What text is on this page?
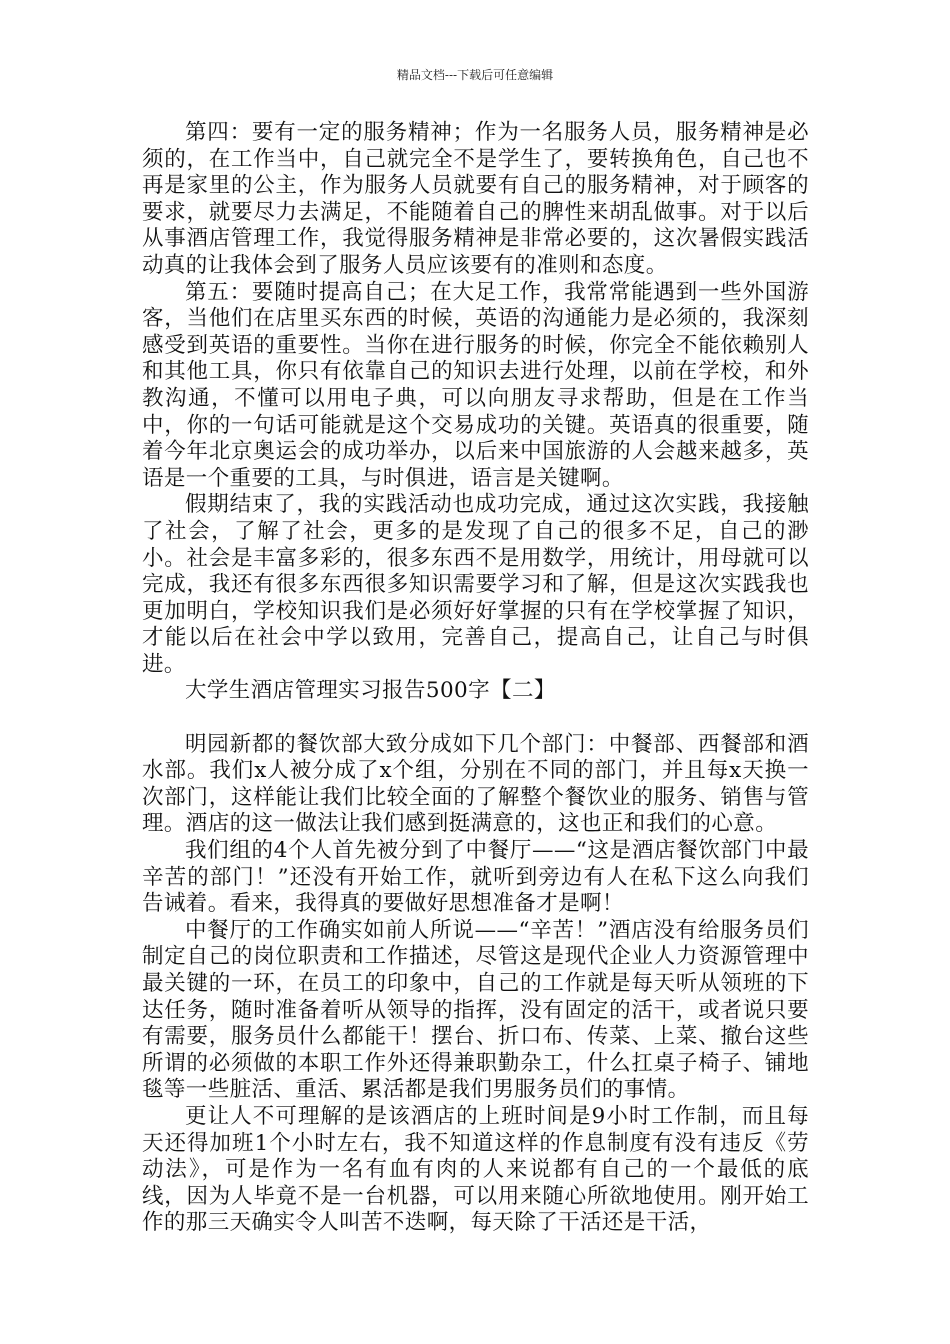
精品文档---下载后可任意编辑

第四：要有一定的服务精神；作为一名服务人员，服务精神是必须的，在工作当中，自己就完全不是学生了，要转换角色，自己也不再是家里的公主，作为服务人员就要有自己的服务精神，对于顾客的要求，就要尽力去满足，不能随着自己的脾性来胡乱做事。对于以后从事酒店管理工作，我觉得服务精神是非常必要的，这次暑假实践活动真的让我体会到了服务人员应该要有的准则和态度。

第五：要随时提高自己；在大足工作，我常常能遇到一些外国游客，当他们在店里买东西的时候，英语的沟通能力是必须的，我深刻感受到英语的重要性。当你在进行服务的时候，你完全不能依赖别人和其他工具，你只有依靠自己的知识去进行处理，以前在学校，和外教沟通，不懂可以用电子典，可以向朋友寻求帮助，但是在工作当中，你的一句话可能就是这个交易成功的关键。英语真的很重要，随着今年北京奥运会的成功举办，以后来中国旅游的人会越来越多，英语是一个重要的工具，与时俱进，语言是关键啊。

假期结束了，我的实践活动也成功完成，通过这次实践，我接触了社会，了解了社会，更多的是发现了自己的很多不足，自己的渺小。社会是丰富多彩的，很多东西不是用数学，用统计，用母就可以完成，我还有很多东西很多知识需要学习和了解，但是这次实践我也更加明白，学校知识我们是必须好好掌握的只有在学校掌握了知识，才能以后在社会中学以致用，完善自己，提高自己，让自己与时俱进。

大学生酒店管理实习报告500字【二】

明园新都的餐饮部大致分成如下几个部门：中餐部、西餐部和酒水部。我们x人被分成了x个组，分别在不同的部门，并且每x天换一次部门，这样能让我们比较全面的了解整个餐饮业的服务、销售与管理。酒店的这一做法让我们感到挺满意的，这也正和我们的心意。

我们组的4个人首先被分到了中餐厅——“这是酒店餐饮部门中最辛苦的部门！”还没有开始工作，就听到旁边有人在私下这么向我们告诫着。看来，我得真的要做好思想准备才是啊！

中餐厅的工作确实如前人所说——“辛苦！”酒店没有给服务员们制定自己的岗位职责和工作描述，尽管这是现代企业人力资源管理中最关键的一环，在员工的印象中，自己的工作就是每天听从领班的下达任务，随时准备着听从领导的指挥，没有固定的活干，或者说只要有需要，服务员什么都能干！摆台、折口布、传菜、上菜、撤台这些所谓的必须做的本职工作外还得兼职勤杂工，什么扛桌子椅子、铺地毯等一些脏活、重活、累活都是我们男服务员们的事情。

更让人不可理解的是该酒店的上班时间是9小时工作制，而且每天还得加班1个小时左右，我不知道这样的作息制度有没有违反《劳动法》，可是作为一名有血有肉的人来说都有自己的一个最低的底线，因为人毕竟不是一台机器，可以用来随心所欲地使用。刚开始工作的那三天确实令人叫苦不迭啊，每天除了干活还是干活，
